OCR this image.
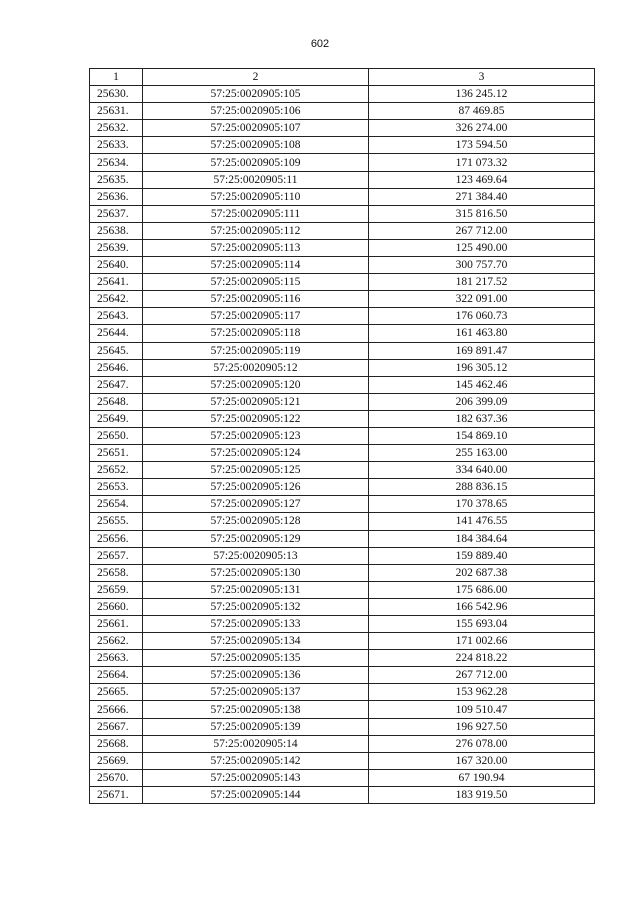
602
1	2	3
25630.	57:25:0020905:105	136 245.12
25631.	57:25:0020905:106	87 469.85
25632.	57:25:0020905:107	326 274.00
25633.	57:25:0020905:108	173 594.50
25634.	57:25:0020905:109	171 073.32
25635.	57:25:0020905:11	123 469.64
25636.	57:25:0020905:110	271 384.40
25637.	57:25:0020905:111	315 816.50
25638.	57:25:0020905:112	267 712.00
25639.	57:25:0020905:113	125 490.00
25640.	57:25:0020905:114	300 757.70
25641.	57:25:0020905:115	181 217.52
25642.	57:25:0020905:116	322 091.00
25643.	57:25:0020905:117	176 060.73
25644.	57:25:0020905:118	161 463.80
25645.	57:25:0020905:119	169 891.47
25646.	57:25:0020905:12	196 305.12
25647.	57:25:0020905:120	145 462.46
25648.	57:25:0020905:121	206 399.09
25649.	57:25:0020905:122	182 637.36
25650.	57:25:0020905:123	154 869.10
25651.	57:25:0020905:124	255 163.00
25652.	57:25:0020905:125	334 640.00
25653.	57:25:0020905:126	288 836.15
25654.	57:25:0020905:127	170 378.65
25655.	57:25:0020905:128	141 476.55
25656.	57:25:0020905:129	184 384.64
25657.	57:25:0020905:13	159 889.40
25658.	57:25:0020905:130	202 687.38
25659.	57:25:0020905:131	175 686.00
25660.	57:25:0020905:132	166 542.96
25661.	57:25:0020905:133	155 693.04
25662.	57:25:0020905:134	171 002.66
25663.	57:25:0020905:135	224 818.22
25664.	57:25:0020905:136	267 712.00
25665.	57:25:0020905:137	153 962.28
25666.	57:25:0020905:138	109 510.47
25667.	57:25:0020905:139	196 927.50
25668.	57:25:0020905:14	276 078.00
25669.	57:25:0020905:142	167 320.00
25670.	57:25:0020905:143	67 190.94
25671.	57:25:0020905:144	183 919.50
